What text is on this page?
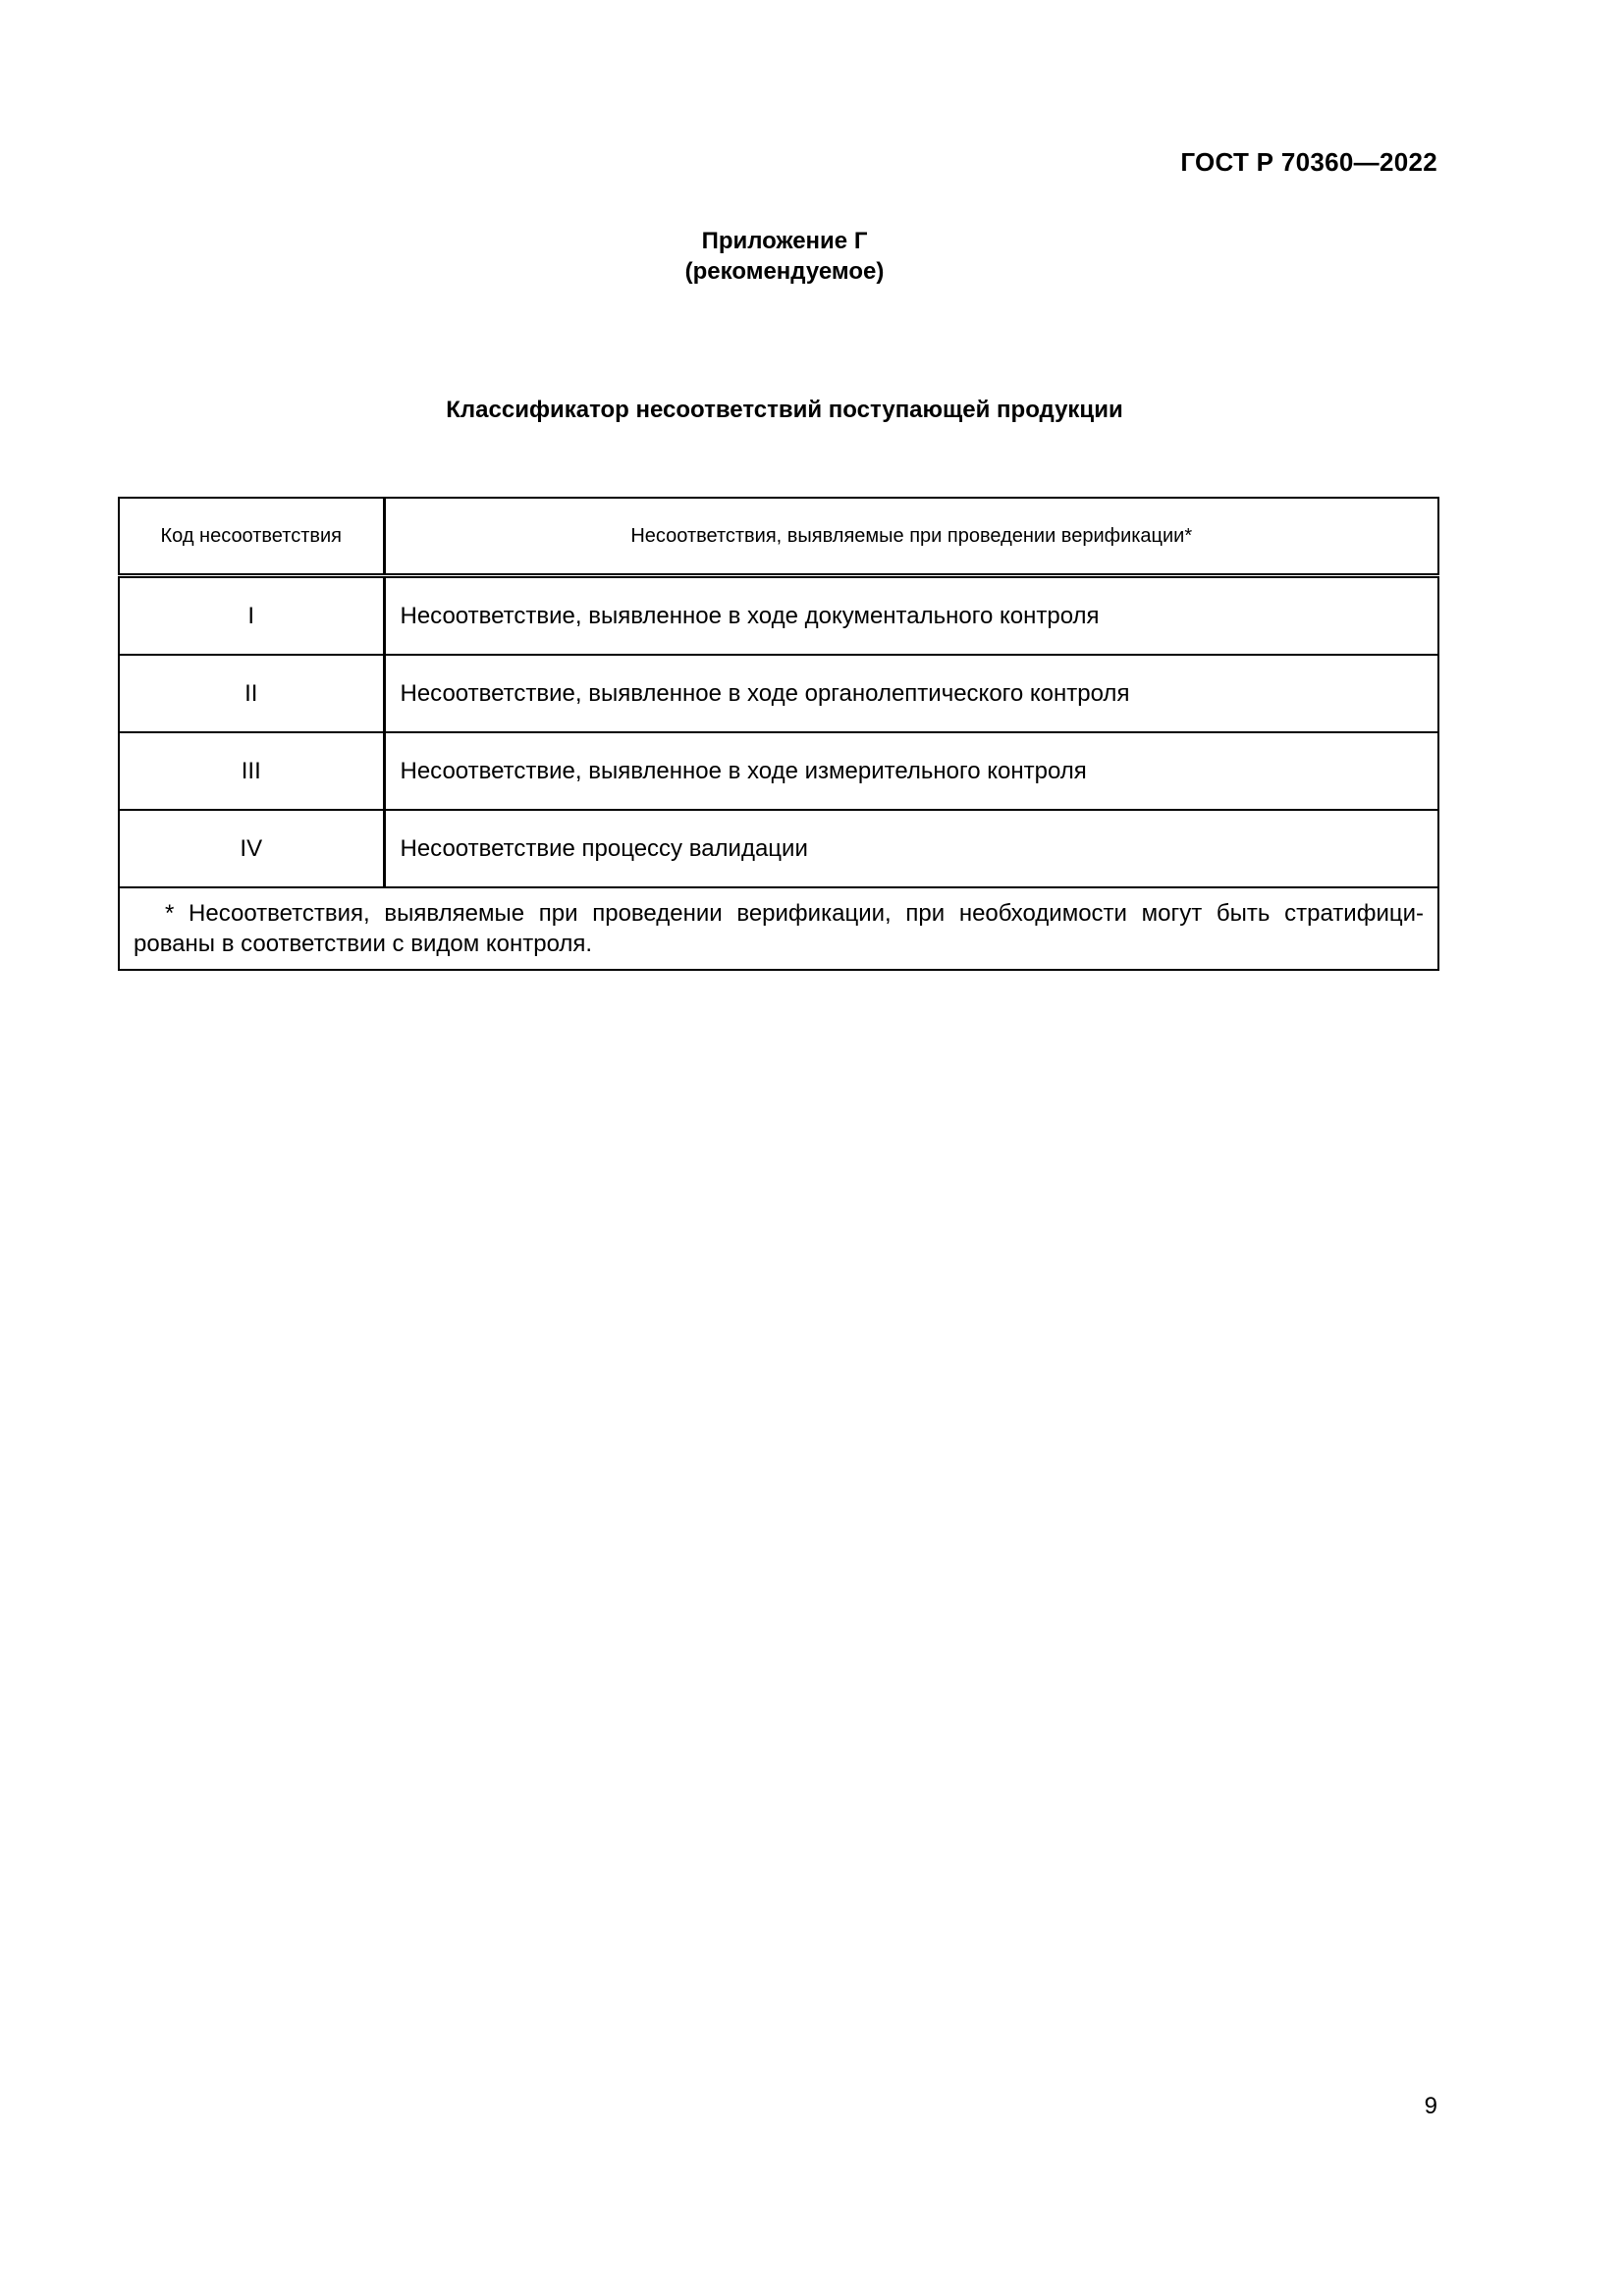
ГОСТ Р 70360—2022
Приложение Г
(рекомендуемое)
Классификатор несоответствий поступающей продукции
Код несоответствия	Несоответствия, выявляемые при проведении верификации*
I	Несоответствие, выявленное в ходе документального контроля
II	Несоответствие, выявленное в ходе органолептического контроля
III	Несоответствие, выявленное в ходе измерительного контроля
IV	Несоответствие процессу валидации

* Несоответствия, выявляемые при проведении верификации, при необходимости могут быть стратифици-
рованы в соответствии с видом контроля.	
9
